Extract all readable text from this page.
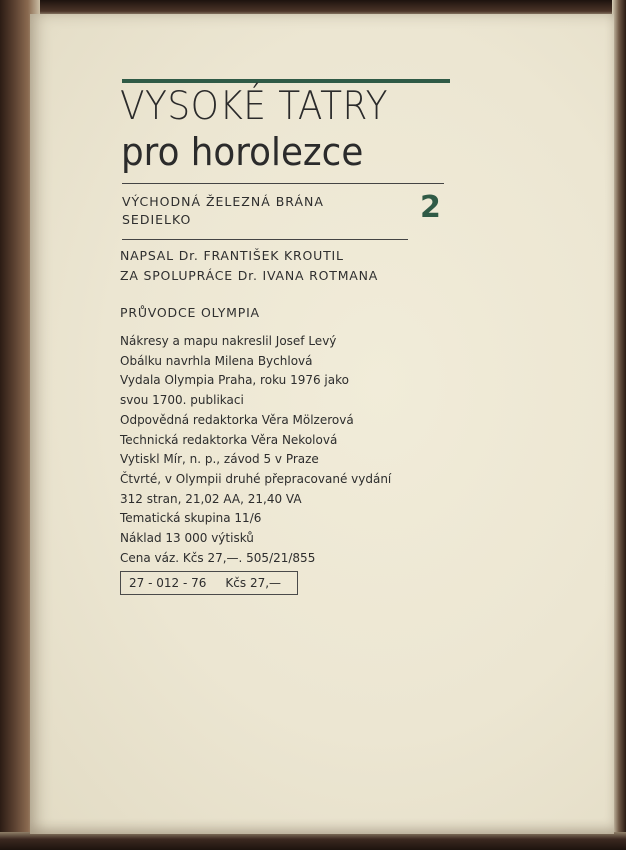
VYSOKÉ TATRY
pro horolezce
VÝCHODNÁ ŽELEZNÁ BRÁNA
SEDIELKO	2
NAPSAL Dr. FRANTIŠEK KROUTIL
ZA SPOLUPRÁCE Dr. IVANA ROTMANA
PRŮVODCE OLYMPIA
Nákresy a mapu nakreslil Josef Levý
Obálku navrhla Milena Bychlová
Vydala Olympia Praha, roku 1976 jako
svou 1700. publikaci
Odpovědná redaktorka Věra Mölzerová
Technická redaktorka Věra Nekolová
Vytiskl Mír, n. p., závod 5 v Praze
Čtvrté, v Olympii druhé přepracované vydání
312 stran, 21,02 AA, 21,40 VA
Tematická skupina 11/6
Náklad 13 000 výtisků
Cena váz. Kčs 27,—. 505/21/855
27 - 012 - 76     Kčs 27,—
